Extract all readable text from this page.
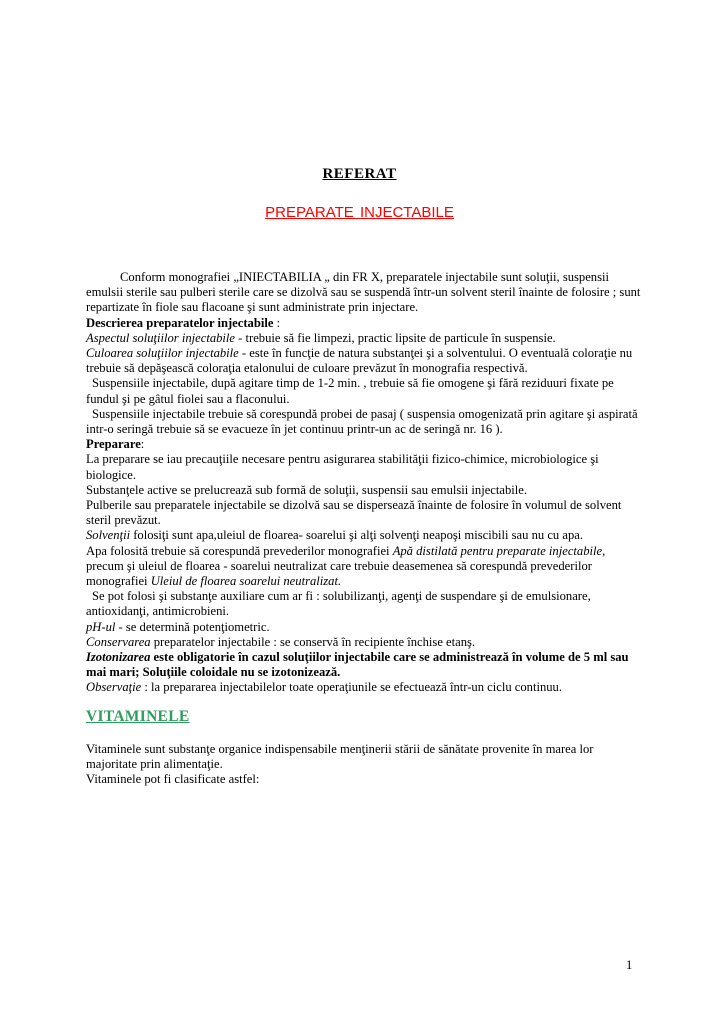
REFERAT
PREPARATE INJECTABILE

Conform monografiei „INIECTABILIA „ din FR X, preparatele injectabile sunt soluţii, suspensii emulsii sterile sau pulberi sterile care se dizolvă sau se suspendă într-un solvent steril înainte de folosire ; sunt repartizate în fiole sau flacoane şi sunt administrate prin injectare.

Descrierea preparatelor injectabile :

Aspectul soluţiilor injectabile - trebuie să fie limpezi, practic lipsite de particule în suspensie.

Culoarea soluţiilor injectabile - este în funcţie de natura substanţei şi a solventului. O eventuală coloraţie nu trebuie să depăşească coloraţia etalonului de culoare prevăzut în monografia respectivă.

Suspensiile injectabile, după agitare timp de 1-2 min. , trebuie să fie omogene şi fără reziduuri fixate pe fundul şi pe gâtul fiolei sau a flaconului.

Suspensiile injectabile trebuie să corespundă probei de pasaj ( suspensia omogenizată prin agitare şi aspirată intr-o seringă trebuie să se evacueze în jet continuu printr-un ac de seringă nr. 16 ).

Preparare:

La preparare se iau precauţiile necesare pentru asigurarea stabilităţii fizico-chimice, microbiologice şi biologice.

Substanţele active se prelucrează sub formă de soluţii, suspensii sau emulsii injectabile.

Pulberile sau preparatele injectabile se dizolvă sau se dispersează înainte de folosire în volumul de solvent steril prevăzut.

Solvenţii folosiţi sunt apa,uleiul de floarea- soarelui şi alţi solvenţi neapoşi miscibili sau nu cu apa.

Apa folosită trebuie să corespundă prevederilor monografiei Apă distilată pentru preparate injectabile, precum şi uleiul de floarea - soarelui neutralizat care trebuie deasemenea să corespundă prevederilor monografiei Uleiul de floarea soarelui neutralizat.

Se pot folosi şi substanţe auxiliare cum ar fi : solubilizanţi, agenţi de suspendare şi de emulsionare, antioxidanţi, antimicrobieni.

pH-ul - se determină potenţiometric.

Conservarea preparatelor injectabile : se conservă în recipiente închise etanş.

Izotonizarea este obligatorie în cazul soluţiilor injectabile care se administrează în volume de 5 ml sau mai mari; Soluţiile coloidale nu se izotonizează.

Observaţie : la prepararea injectabilelor toate operaţiunile se efectuează într-un ciclu continuu.

VITAMINELE

Vitaminele sunt substanţe organice indispensabile menţinerii stării de sănătate provenite în marea lor majoritate prin alimentaţie.

Vitaminele pot fi clasificate astfel:

1
